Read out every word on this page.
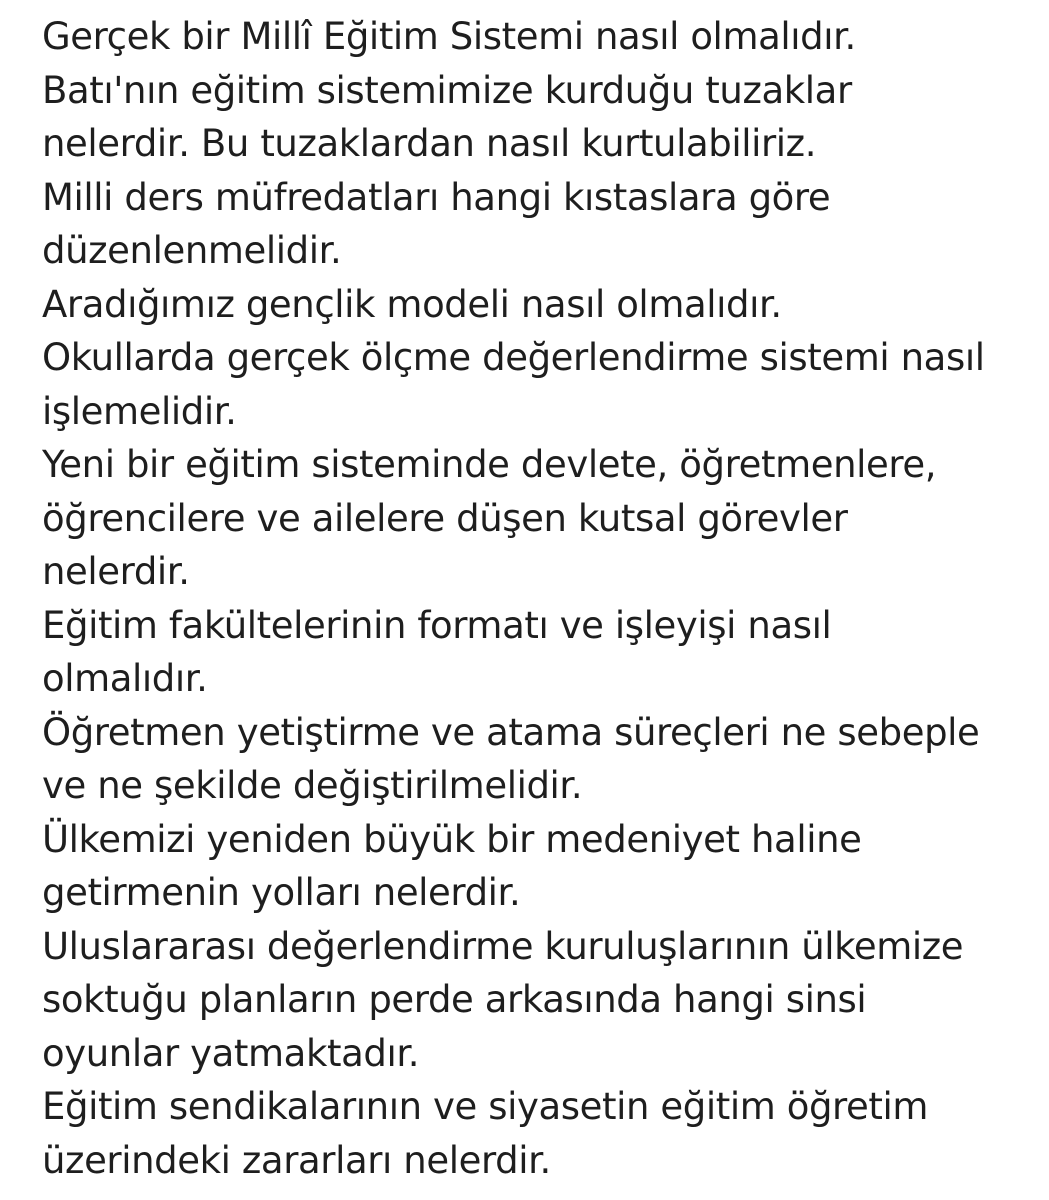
Gerçek bir Millî Eğitim Sistemi nasıl olmalıdır.
Batı'nın eğitim sistemimize kurduğu tuzaklar
nelerdir. Bu tuzaklardan nasıl kurtulabiliriz.
Milli ders müfredatları hangi kıstaslara göre
düzenlenmelidir.
Aradığımız gençlik modeli nasıl olmalıdır.
Okullarda gerçek ölçme değerlendirme sistemi nasıl
işlemelidir.
Yeni bir eğitim sisteminde devlete, öğretmenlere,
öğrencilere ve ailelere düşen kutsal görevler
nelerdir.
Eğitim fakültelerinin formatı ve işleyişi nasıl
olmalıdır.
Öğretmen yetiştirme ve atama süreçleri ne sebeple
ve ne şekilde değiştirilmelidir.
Ülkemizi yeniden büyük bir medeniyet haline
getirmenin yolları nelerdir.
Uluslararası değerlendirme kuruluşlarının ülkemize
soktuğu planların perde arkasında hangi sinsi
oyunlar yatmaktadır.
Eğitim sendikalarının ve siyasetin eğitim öğretim
üzerindeki zararları nelerdir.
